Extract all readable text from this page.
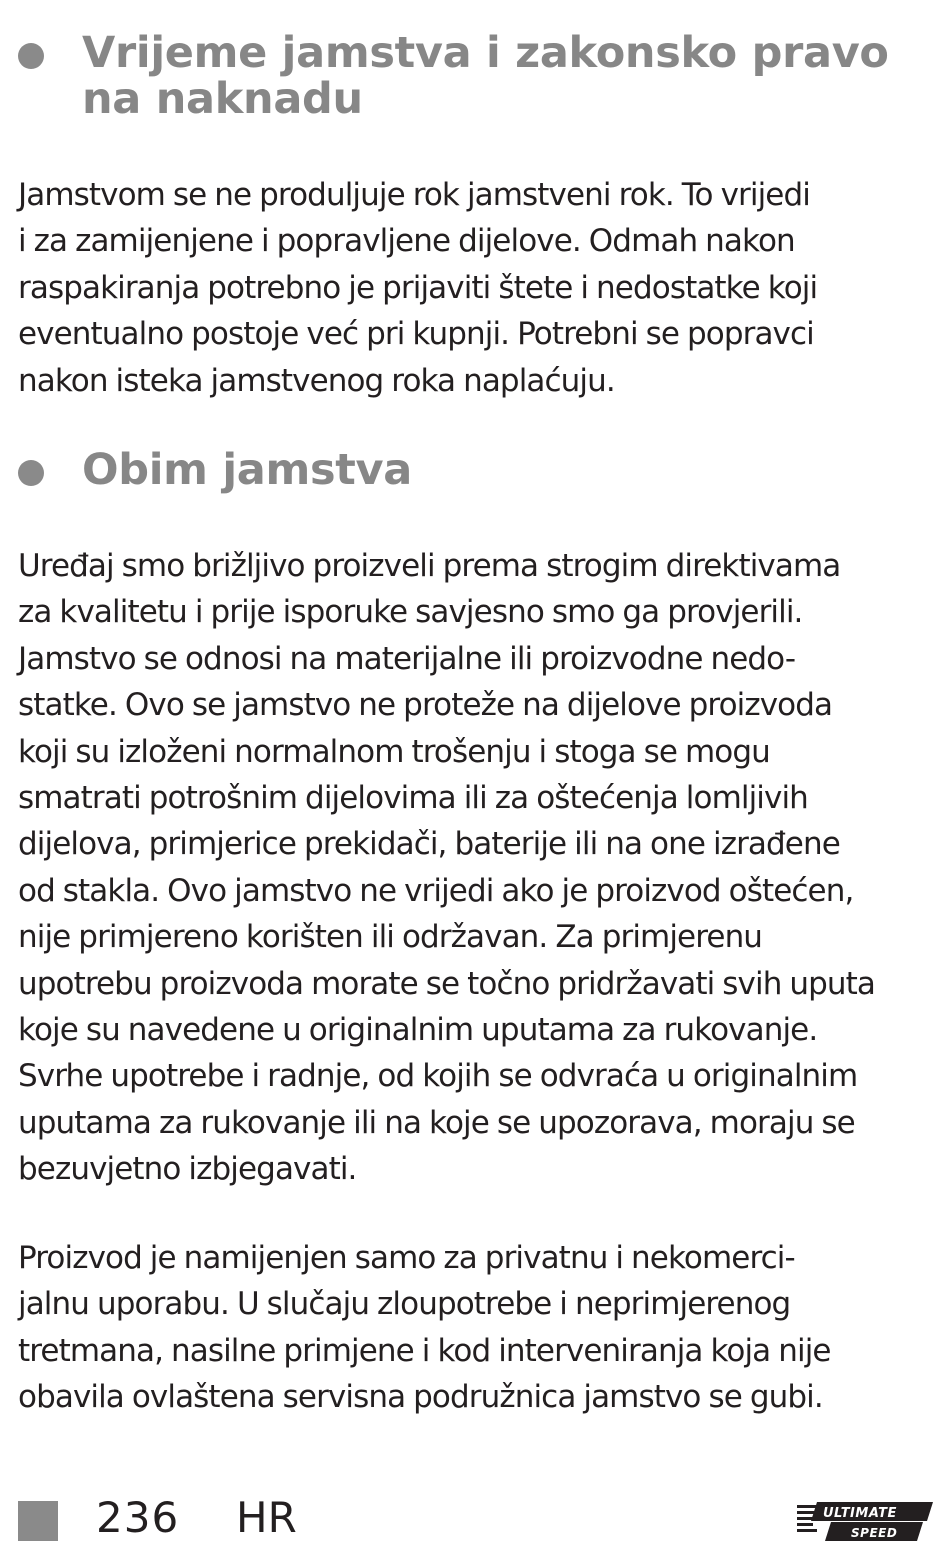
Vrijeme jamstva i zakonsko pravo na naknadu

Jamstvom se ne produljuje rok jamstveni rok. To vrijedi
i za zamijenjene i popravljene dijelove. Odmah nakon
raspakiranja potrebno je prijaviti štete i nedostatke koji
eventualno postoje već pri kupnji. Potrebni se popravci
nakon isteka jamstvenog roka naplaćuju.

Obim jamstva

Uređaj smo brižljivo proizveli prema strogim direktivama
za kvalitetu i prije isporuke savjesno smo ga provjerili.
Jamstvo se odnosi na materijalne ili proizvodne nedo-
statke. Ovo se jamstvo ne proteže na dijelove proizvoda
koji su izloženi normalnom trošenju i stoga se mogu
smatrati potrošnim dijelovima ili za oštećenja lomljivih
dijelova, primjerice prekidači, baterije ili na one izrađene
od stakla. Ovo jamstvo ne vrijedi ako je proizvod oštećen,
nije primjereno korišten ili održavan. Za primjerenu
upotrebu proizvoda morate se točno pridržavati svih uputa
koje su navedene u originalnim uputama za rukovanje.
Svrhe upotrebe i radnje, od kojih se odvraća u originalnim
uputama za rukovanje ili na koje se upozorava, moraju se
bezuvjetno izbjegavati.

Proizvod je namijenjen samo za privatnu i nekomerci-
jalnu uporabu. U slučaju zloupotrebe i neprimjerenog
tretmana, nasilne primjene i kod interveniranja koja nije
obavila ovlaštena servisna podružnica jamstvo se gubi.

236 HR	ULTIMATE
SPEED
